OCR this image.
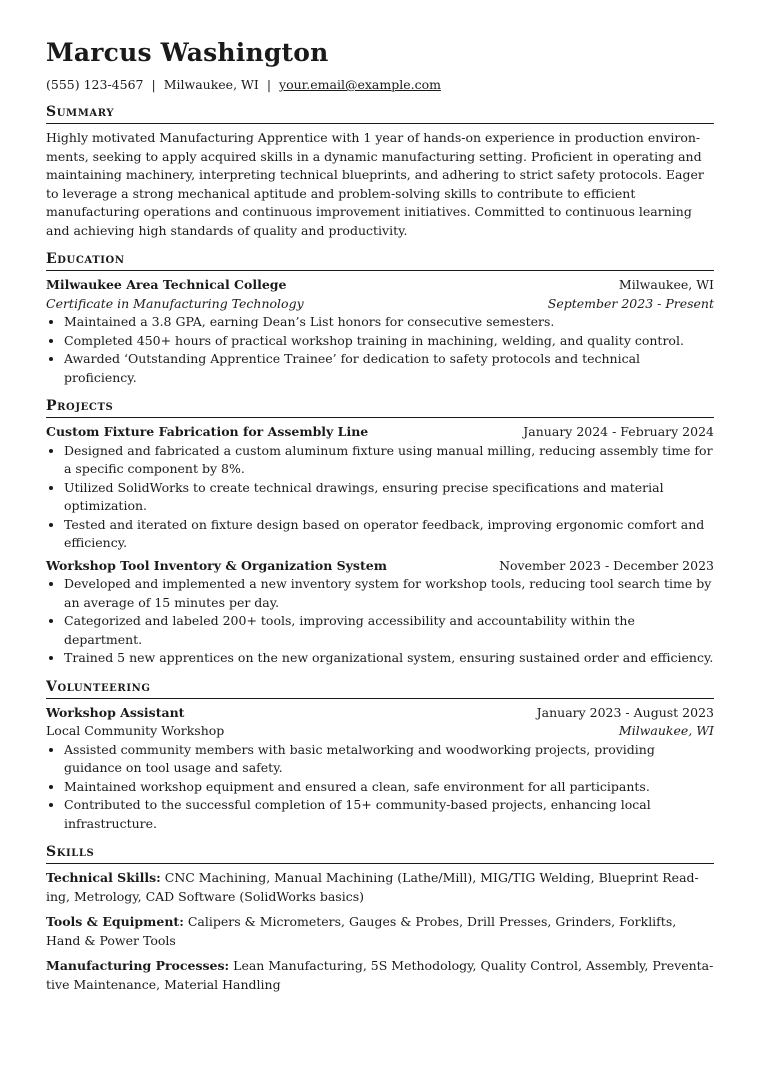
Marcus Washington
(555) 123-4567 | Milwaukee, WI | your.email@example.com
Summary

Highly motivated Manufacturing Apprentice with 1 year of hands-on experience in production environments, seeking to apply acquired skills in a dynamic manufacturing setting. Proficient in operating and maintaining machinery, interpreting technical blueprints, and adhering to strict safety protocols. Eager to leverage a strong mechanical aptitude and problem-solving skills to contribute to efficient manufacturing operations and continuous improvement initiatives. Committed to continuous learning and achieving high standards of quality and productivity.

Education
Milwaukee Area Technical College	Milwaukee, WI
Certificate in Manufacturing Technology	September 2023 - Present
• Maintained a 3.8 GPA, earning Dean’s List honors for consecutive semesters.
• Completed 450+ hours of practical workshop training in machining, welding, and quality control.
• Awarded ‘Outstanding Apprentice Trainee’ for dedication to safety protocols and technical proficiency.
Projects
Custom Fixture Fabrication for Assembly Line	January 2024 - February 2024
• Designed and fabricated a custom aluminum fixture using manual milling, reducing assembly time for a specific component by 8%.
• Utilized SolidWorks to create technical drawings, ensuring precise specifications and material optimization.
• Tested and iterated on fixture design based on operator feedback, improving ergonomic comfort and efficiency.
Workshop Tool Inventory & Organization System	November 2023 - December 2023
• Developed and implemented a new inventory system for workshop tools, reducing tool search time by an average of 15 minutes per day.
• Categorized and labeled 200+ tools, improving accessibility and accountability within the department.
• Trained 5 new apprentices on the new organizational system, ensuring sustained order and efficiency.
Volunteering
Workshop Assistant	January 2023 - August 2023
Local Community Workshop	Milwaukee, WI
• Assisted community members with basic metalworking and woodworking projects, providing guidance on tool usage and safety.
• Maintained workshop equipment and ensured a clean, safe environment for all participants.
• Contributed to the successful completion of 15+ community-based projects, enhancing local infrastructure.
Skills

Technical Skills: CNC Machining, Manual Machining (Lathe/Mill), MIG/TIG Welding, Blueprint Reading, Metrology, CAD Software (SolidWorks basics)

Tools & Equipment: Calipers & Micrometers, Gauges & Probes, Drill Presses, Grinders, Forklifts, Hand & Power Tools

Manufacturing Processes: Lean Manufacturing, 5S Methodology, Quality Control, Assembly, Preventative Maintenance, Material Handling
